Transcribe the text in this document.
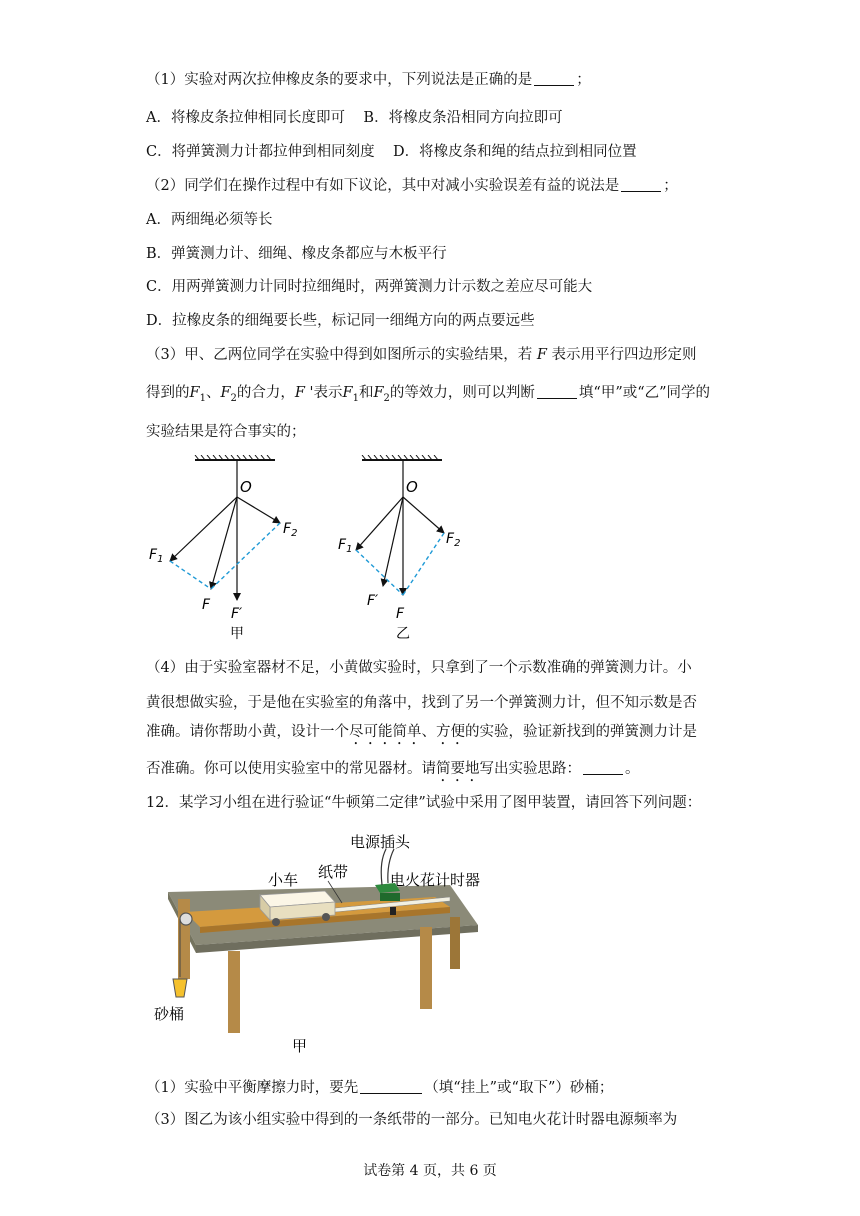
（1）实验对两次拉伸橡皮条的要求中，下列说法是正确的是	；
A．将橡皮条拉伸相同长度即可 B．将橡皮条沿相同方向拉即可
C．将弹簧测力计都拉伸到相同刻度 D．将橡皮条和绳的结点拉到相同位置
（2）同学们在操作过程中有如下议论，其中对减小实验误差有益的说法是	；
A．两细绳必须等长
B．弹簧测力计、细绳、橡皮条都应与木板平行
C．用两弹簧测力计同时拉细绳时，两弹簧测力计示数之差应尽可能大
D．拉橡皮条的细绳要长些，标记同一细绳方向的两点要远些
（3）甲、乙两位同学在实验中得到如图所示的实验结果，若 F 表示用平行四边形定则
得到的$F_1$、$F_2$的合力，F '表示$F_1$和$F_2$的等效力，则可以判断	填“甲”或“乙”同学的
实验结果是符合事实的；
O
$F_1$
$F_2$
F
F′
甲
O
$F_1$
$F_2$
F′
F
乙
（4）由于实验室器材不足，小黄做实验时，只拿到了一个示数准确的弹簧测力计。小
黄很想做实验，于是他在实验室的角落中，找到了另一个弹簧测力计，但不知示数是否
准确。请你帮助小黄，设计一个尽可能简单、方便的实验，验证新找到的弹簧测力计是
否准确。你可以使用实验室中的常见器材。请简要地写出实验思路：	。
12．某学习小组在进行验证“牛顿第二定律”试验中采用了图甲装置，请回答下列问题：
电源插头
纸带
小车	电火花计时器
砂桶
甲
（1）实验中平衡摩擦力时，要先	（填“挂上”或“取下”）砂桶；
（3）图乙为该小组实验中得到的一条纸带的一部分。已知电火花计时器电源频率为
试卷第 4 页，共 6 页
